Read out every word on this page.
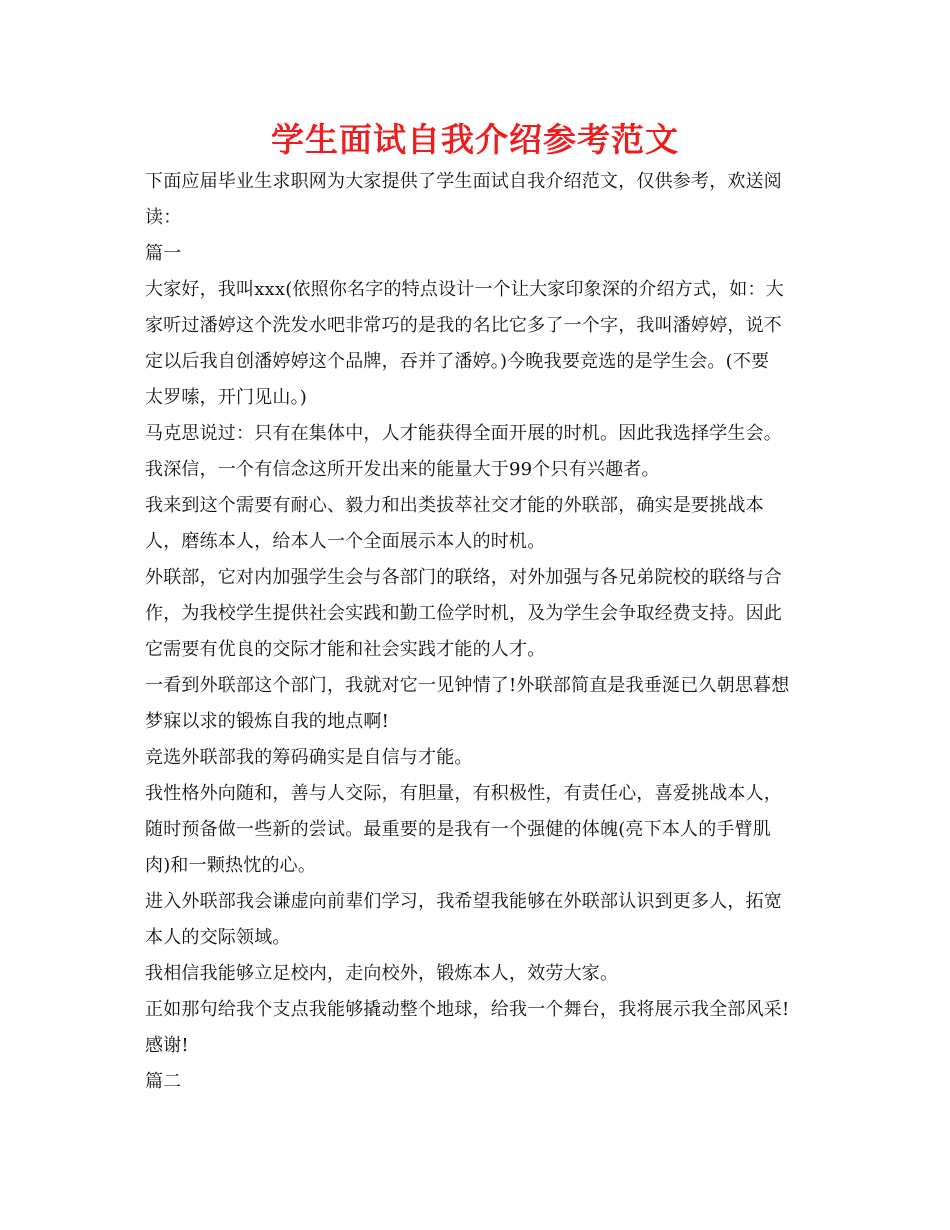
学生面试自我介绍参考范文
下面应届毕业生求职网为大家提供了学生面试自我介绍范文，仅供参考，欢送阅
读：
篇一
大家好，我叫xxx(依照你名字的特点设计一个让大家印象深的介绍方式，如：大
家听过潘婷这个洗发水吧非常巧的是我的名比它多了一个字，我叫潘婷婷，说不
定以后我自创潘婷婷这个品牌，吞并了潘婷。)今晚我要竞选的是学生会。(不要
太罗嗦，开门见山。)
马克思说过：只有在集体中，人才能获得全面开展的时机。因此我选择学生会。
我深信，一个有信念这所开发出来的能量大于99个只有兴趣者。
我来到这个需要有耐心、毅力和出类拔萃社交才能的外联部，确实是要挑战本
人，磨练本人，给本人一个全面展示本人的时机。
外联部，它对内加强学生会与各部门的联络，对外加强与各兄弟院校的联络与合
作，为我校学生提供社会实践和勤工俭学时机，及为学生会争取经费支持。因此
它需要有优良的交际才能和社会实践才能的人才。
一看到外联部这个部门，我就对它一见钟情了!外联部简直是我垂涎已久朝思暮想
梦寐以求的锻炼自我的地点啊!
竞选外联部我的筹码确实是自信与才能。
我性格外向随和，善与人交际，有胆量，有积极性，有责任心，喜爱挑战本人，
随时预备做一些新的尝试。最重要的是我有一个强健的体魄(亮下本人的手臂肌
肉)和一颗热忱的心。
进入外联部我会谦虚向前辈们学习，我希望我能够在外联部认识到更多人，拓宽
本人的交际领域。
我相信我能够立足校内，走向校外，锻炼本人，效劳大家。
正如那句给我个支点我能够撬动整个地球，给我一个舞台，我将展示我全部风采!
感谢!
篇二
